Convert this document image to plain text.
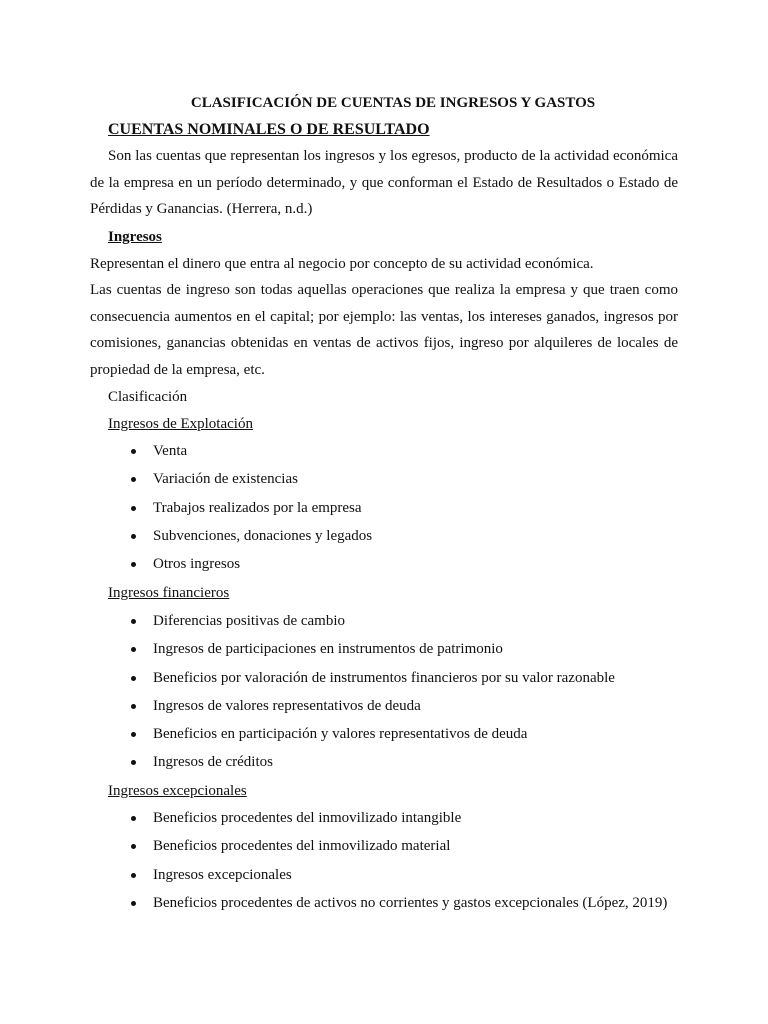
CLASIFICACIÓN DE CUENTAS DE INGRESOS Y GASTOS
CUENTAS NOMINALES O DE RESULTADO

Son las cuentas que representan los ingresos y los egresos, producto de la actividad económica de la empresa en un período determinado, y que conforman el Estado de Resultados o Estado de Pérdidas y Ganancias. (Herrera, n.d.)

Ingresos
Representan el dinero que entra al negocio por concepto de su actividad económica.

Las cuentas de ingreso son todas aquellas operaciones que realiza la empresa y que traen como consecuencia aumentos en el capital; por ejemplo: las ventas, los intereses ganados, ingresos por comisiones, ganancias obtenidas en ventas de activos fijos, ingreso por alquileres de locales de propiedad de la empresa, etc.

Clasificación
Ingresos de Explotación
Venta
Variación de existencias
Trabajos realizados por la empresa
Subvenciones, donaciones y legados
Otros ingresos
Ingresos financieros
Diferencias positivas de cambio
Ingresos de participaciones en instrumentos de patrimonio
Beneficios por valoración de instrumentos financieros por su valor razonable
Ingresos de valores representativos de deuda
Beneficios en participación y valores representativos de deuda
Ingresos de créditos
Ingresos excepcionales
Beneficios procedentes del inmovilizado intangible
Beneficios procedentes del inmovilizado material
Ingresos excepcionales
Beneficios procedentes de activos no corrientes y gastos excepcionales (López, 2019)
